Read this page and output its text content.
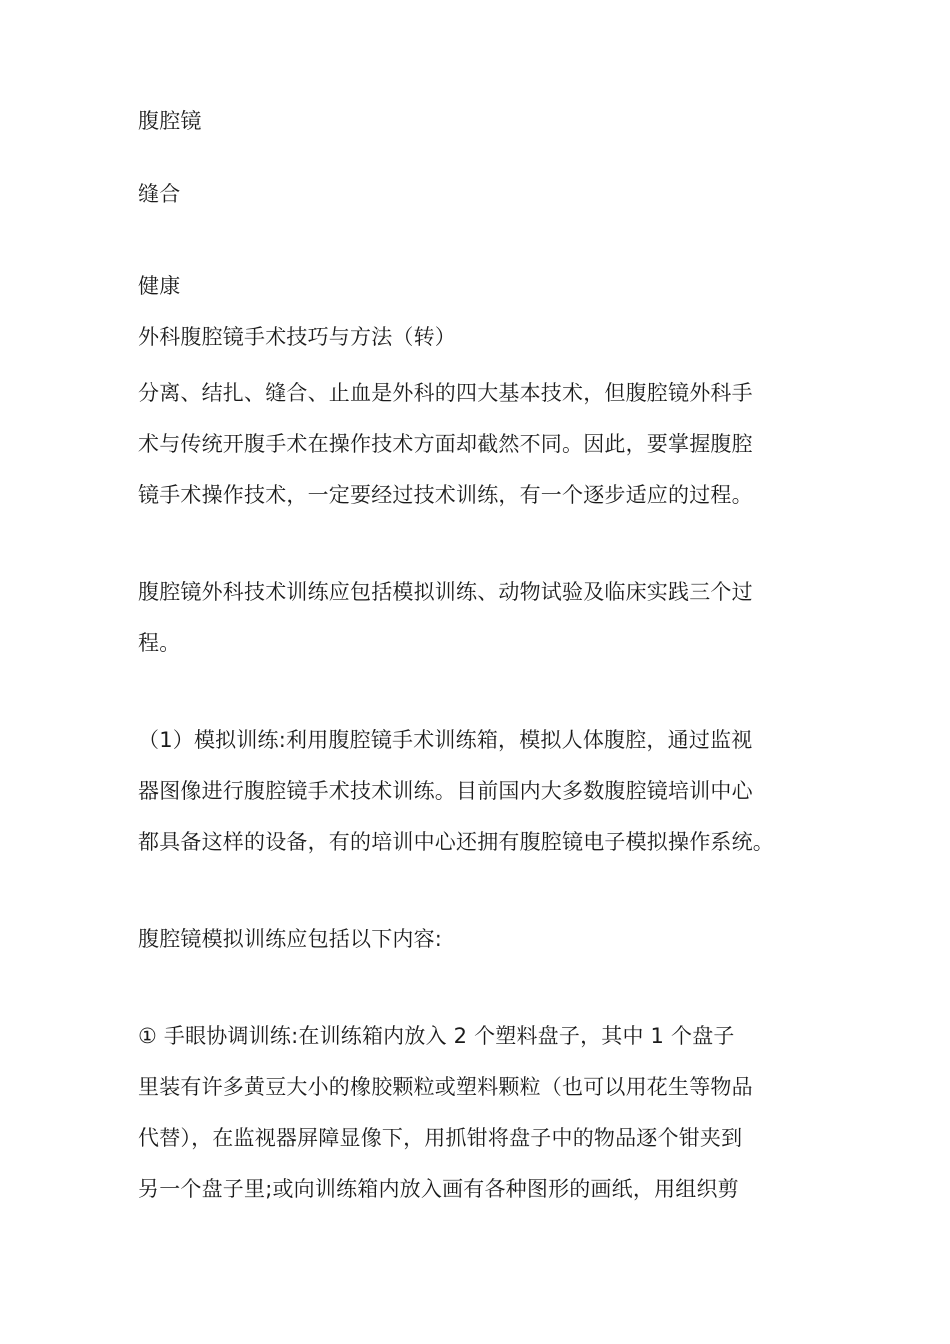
腹腔镜
缝合
健康
外科腹腔镜手术技巧与方法（转）
分离、结扎、缝合、止血是外科的四大基本技术，但腹腔镜外科手
术与传统开腹手术在操作技术方面却截然不同。因此，要掌握腹腔
镜手术操作技术，一定要经过技术训练，有一个逐步适应的过程。
腹腔镜外科技术训练应包括模拟训练、动物试验及临床实践三个过
程。
（1）模拟训练:利用腹腔镜手术训练箱，模拟人体腹腔，通过监视
器图像进行腹腔镜手术技术训练。目前国内大多数腹腔镜培训中心
都具备这样的设备，有的培训中心还拥有腹腔镜电子模拟操作系统。
腹腔镜模拟训练应包括以下内容:
① 手眼协调训练:在训练箱内放入 2 个塑料盘子，其中 1 个盘子
里装有许多黄豆大小的橡胶颗粒或塑料颗粒（也可以用花生等物品
代替），在监视器屏障显像下，用抓钳将盘子中的物品逐个钳夹到
另一个盘子里;或向训练箱内放入画有各种图形的画纸，用组织剪
